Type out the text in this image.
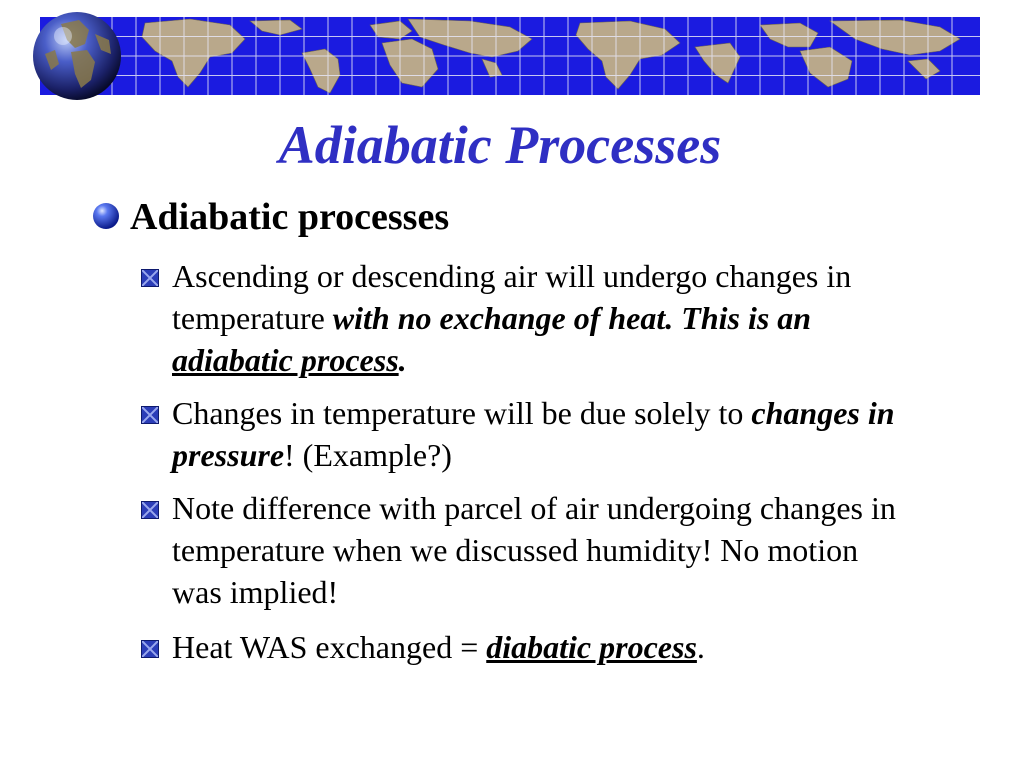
Adiabatic Processes
Adiabatic processes
Ascending or descending air will undergo changes in temperature with no exchange of heat. This is an adiabatic process.
Changes in temperature will be due solely to changes in pressure! (Example?)
Note difference with parcel of air undergoing changes in temperature when we discussed humidity! No motion was implied!
Heat WAS exchanged = diabatic process.
